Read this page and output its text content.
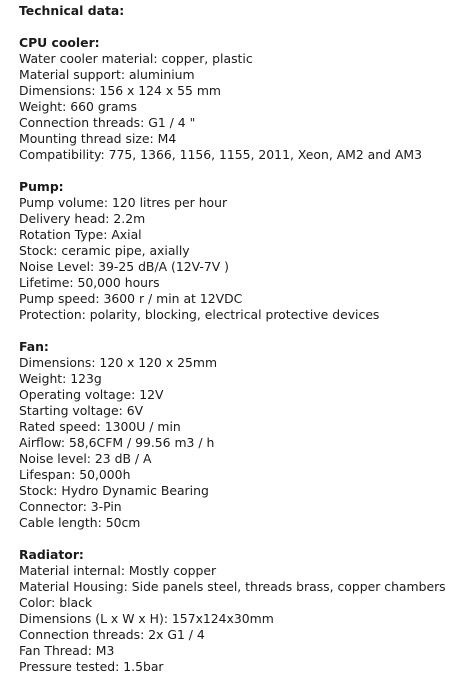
Technical data:
CPU cooler:
Water cooler material: copper, plastic
Material support: aluminium
Dimensions: 156 x 124 x 55 mm
Weight: 660 grams
Connection threads: G1 / 4 "
Mounting thread size: M4
Compatibility: 775, 1366, 1156, 1155, 2011, Xeon, AM2 and AM3
Pump:
Pump volume: 120 litres per hour
Delivery head: 2.2m
Rotation Type: Axial
Stock: ceramic pipe, axially
Noise Level: 39-25 dB/A (12V-7V )
Lifetime: 50,000 hours
Pump speed: 3600 r / min at 12VDC
Protection: polarity, blocking, electrical protective devices
Fan:
Dimensions: 120 x 120 x 25mm
Weight: 123g
Operating voltage: 12V
Starting voltage: 6V
Rated speed: 1300U / min
Airflow: 58,6CFM / 99.56 m3 / h
Noise level: 23 dB / A
Lifespan: 50,000h
Stock: Hydro Dynamic Bearing
Connector: 3-Pin
Cable length: 50cm
Radiator:
Material internal: Mostly copper
Material Housing: Side panels steel, threads brass, copper chambers
Color: black
Dimensions (L x W x H): 157x124x30mm
Connection threads: 2x G1 / 4
Fan Thread: M3
Pressure tested: 1.5bar
